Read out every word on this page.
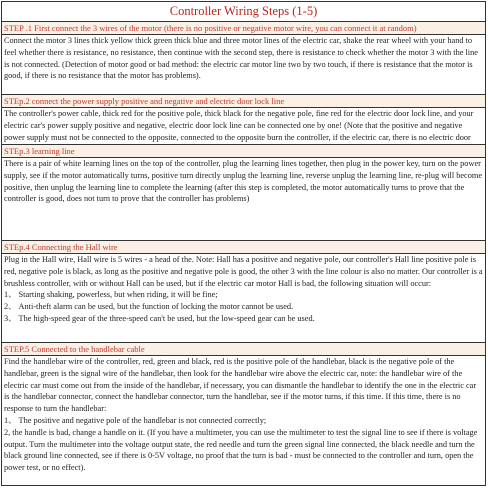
Controller Wiring Steps (1-5)
STEP .1 First connect the 3 wires of the motor (there is no positive or negative motor wire, you can connect it at random)

Connect the motor 3 lines thick yellow thick green thick blue and three motor lines of the electric car, shake the rear wheel with your hand to feel whether there is resistance, no resistance, then continue with the second step, there is resistance to check whether the motor 3 with the line is not connected. (Detection of motor good or bad method: the electric car motor line two by two touch, if there is resistance that the motor is good, if there is no resistance that the motor has problems).

STEp.2 connect the power supply positive and negative and electric door lock line

The controller's power cable, thick red for the positive pole, thick black for the negative pole, fine red for the electric door lock line, and your electric car's power supply positive and negative, electric door lock line can be connected one by one! (Note that the positive and negative power supply must not be connected to the opposite, connected to the opposite burn the controller, if the electric car, there is no electric door

STEp.3 learning line

There is a pair of white learning lines on the top of the controller, plug the learning lines together, then plug in the power key, turn on the power supply, see if the motor automatically turns, positive turn directly unplug the learning line, reverse unplug the learning line, re-plug will become positive, then unplug the learning line to complete the learning (after this step is completed, the motor automatically turns to prove that the controller is good, does not turn to prove that the controller has problems)

STEp.4 Connecting the Hall wire

Plug in the Hall wire, Hall wire is 5 wires - a head of the. Note: Hall has a positive and negative pole, our controller's Hall line positive pole is red, negative pole is black, as long as the positive and negative pole is good, the other 3 with the line colour is also no matter. Our controller is a brushless controller, with or without Hall can be used, but if the electric car motor Hall is bad, the following situation will occur:

1、 Starting shaking, powerless, but when riding, it will be fine;

2、 Anti-theft alarm can be used, but the function of locking the motor cannot be used.

3、 The high-speed gear of the three-speed can't be used, but the low-speed gear can be used.

STEP.5 Connected to the handlebar cable

Find the handlebar wire of the controller, red, green and black, red is the positive pole of the handlebar, black is the negative pole of the handlebar, green is the signal wire of the handlebar, then look for the handlebar wire above the electric car, note: the handlebar wire of the electric car must come out from the inside of the handlebar, if necessary, you can dismantle the handlebar to identify the one in the electric car is the handlebar connector, connect the handlebar connector, turn the handlebar, see if the motor turns, if this time. If this time, there is no response to turn the handlebar:

1、 The positive and negative pole of the handlebar is not connected correctly;

2, the handle is bad, change a handle on it. (If you have a multimeter, you can use the multimeter to test the signal line to see if there is voltage output. Turn the multimeter into the voltage output state, the red needle and turn the green signal line connected, the black needle and turn the black ground line connected, see if there is 0-5V voltage, no proof that the turn is bad - must be connected to the controller and turn, open the power test, or no effect).
